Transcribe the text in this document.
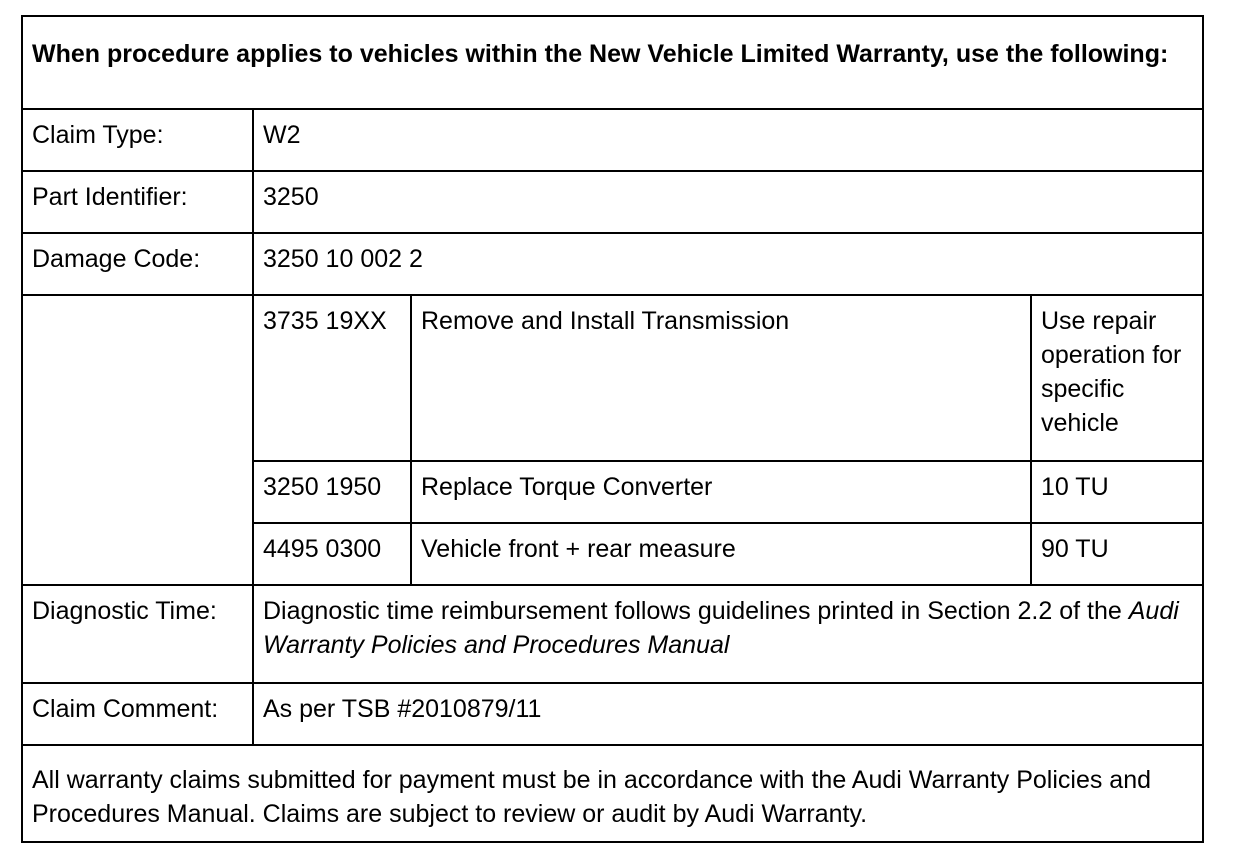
When procedure applies to vehicles within the New Vehicle Limited Warranty, use the following:			
Claim Type:	W2		
Part Identifier:	3250		
Damage Code:	3250 10 002 2		
	3735 19XX	Remove and Install Transmission	Use repair operation for specific vehicle
	3250 1950	Replace Torque Converter	10 TU
	4495 0300	Vehicle front + rear measure	90 TU
Diagnostic Time:	Diagnostic time reimbursement follows guidelines printed in Section 2.2 of the Audi Warranty Policies and Procedures Manual		
Claim Comment:	As per TSB #2010879/11		
All warranty claims submitted for payment must be in accordance with the Audi Warranty Policies and Procedures Manual. Claims are subject to review or audit by Audi Warranty.			
